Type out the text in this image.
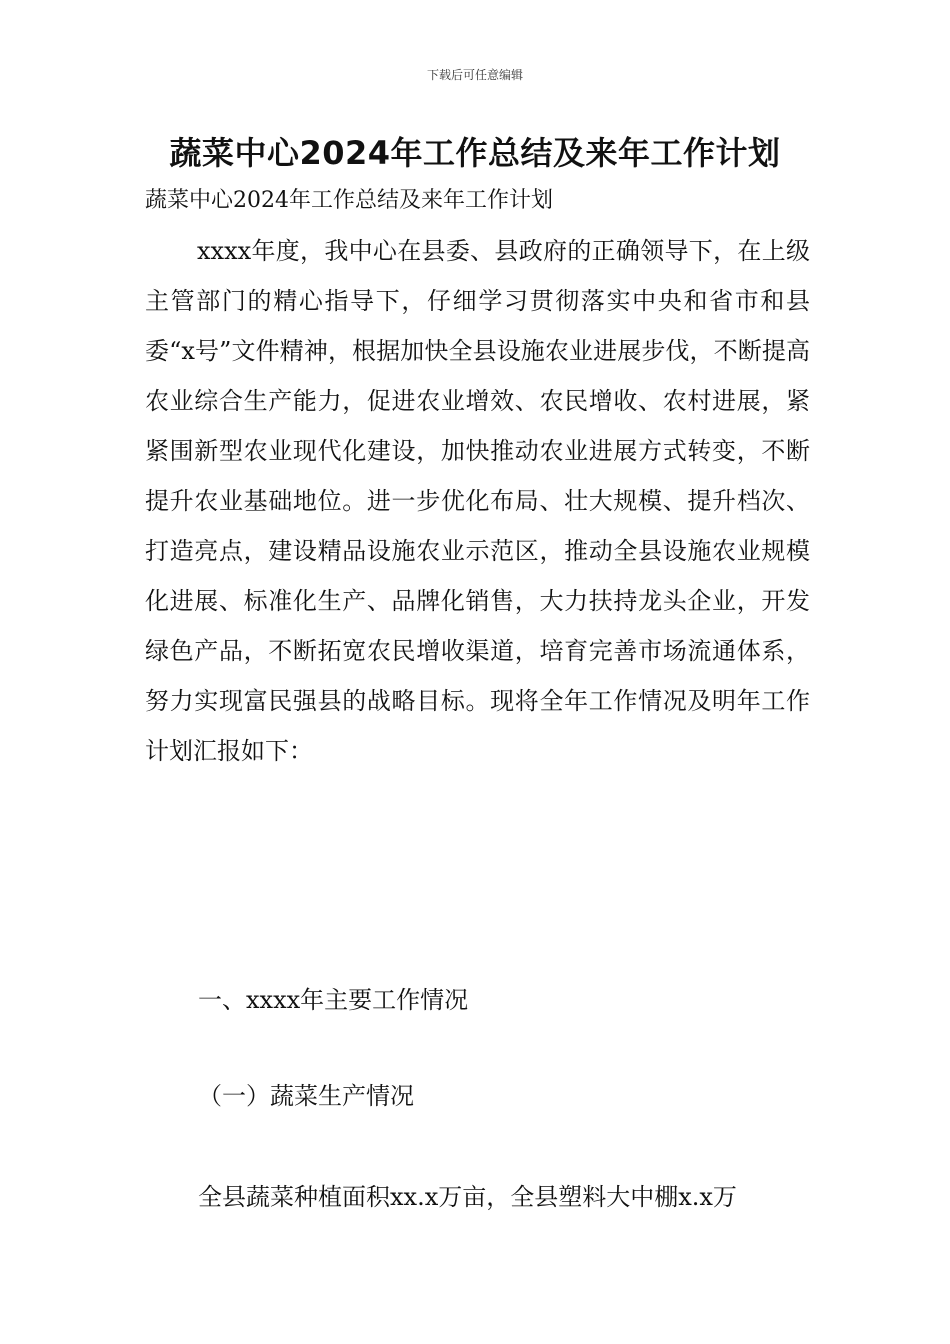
下载后可任意编辑
蔬菜中心2024年工作总结及来年工作计划
蔬菜中心2024年工作总结及来年工作计划

xxxx年度，我中心在县委、县政府的正确领导下，在上级主管部门的精心指导下，仔细学习贯彻落实中央和省市和县委“x号”文件精神，根据加快全县设施农业进展步伐，不断提高农业综合生产能力，促进农业增效、农民增收、农村进展，紧紧围新型农业现代化建设，加快推动农业进展方式转变，不断提升农业基础地位。进一步优化布局、壮大规模、提升档次、打造亮点，建设精品设施农业示范区，推动全县设施农业规模化进展、标准化生产、品牌化销售，大力扶持龙头企业，开发绿色产品，不断拓宽农民增收渠道，培育完善市场流通体系，努力实现富民强县的战略目标。现将全年工作情况及明年工作计划汇报如下：

一、xxxx年主要工作情况
（一）蔬菜生产情况

全县蔬菜种植面积xx.x万亩，全县塑料大中棚x.x万
